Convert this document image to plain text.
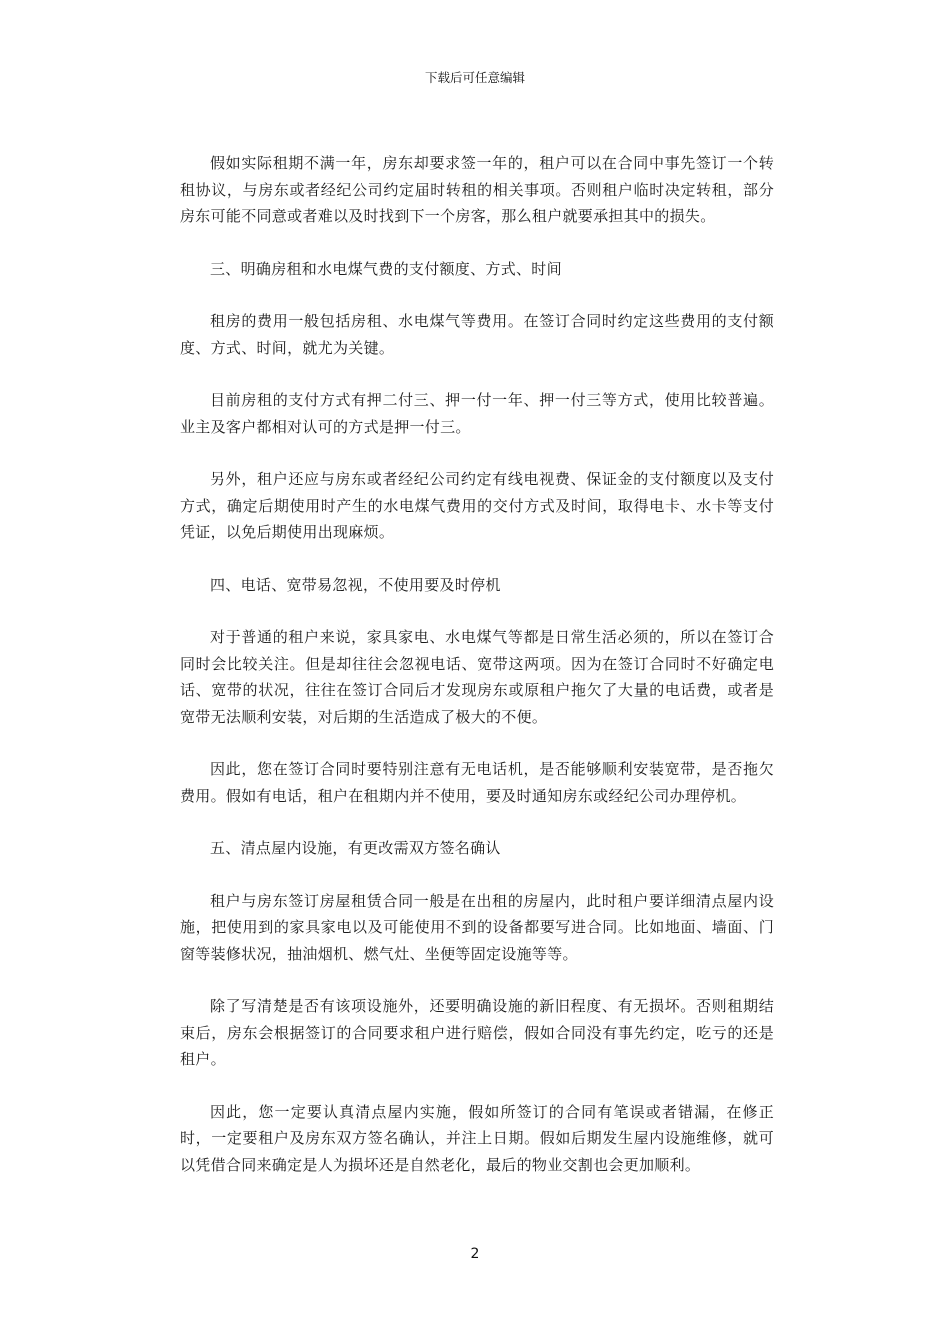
下载后可任意编辑

假如实际租期不满一年，房东却要求签一年的，租户可以在合同中事先签订一个转租协议，与房东或者经纪公司约定届时转租的相关事项。否则租户临时决定转租，部分房东可能不同意或者难以及时找到下一个房客，那么租户就要承担其中的损失。

三、明确房租和水电煤气费的支付额度、方式、时间

租房的费用一般包括房租、水电煤气等费用。在签订合同时约定这些费用的支付额度、方式、时间，就尤为关键。

目前房租的支付方式有押二付三、押一付一年、押一付三等方式，使用比较普遍。业主及客户都相对认可的方式是押一付三。

另外，租户还应与房东或者经纪公司约定有线电视费、保证金的支付额度以及支付方式，确定后期使用时产生的水电煤气费用的交付方式及时间，取得电卡、水卡等支付凭证，以免后期使用出现麻烦。

四、电话、宽带易忽视，不使用要及时停机

对于普通的租户来说，家具家电、水电煤气等都是日常生活必须的，所以在签订合同时会比较关注。但是却往往会忽视电话、宽带这两项。因为在签订合同时不好确定电话、宽带的状况，往往在签订合同后才发现房东或原租户拖欠了大量的电话费，或者是宽带无法顺利安装，对后期的生活造成了极大的不便。

因此，您在签订合同时要特别注意有无电话机，是否能够顺利安装宽带，是否拖欠费用。假如有电话，租户在租期内并不使用，要及时通知房东或经纪公司办理停机。

五、清点屋内设施，有更改需双方签名确认

租户与房东签订房屋租赁合同一般是在出租的房屋内，此时租户要详细清点屋内设施，把使用到的家具家电以及可能使用不到的设备都要写进合同。比如地面、墙面、门窗等装修状况，抽油烟机、燃气灶、坐便等固定设施等等。

除了写清楚是否有该项设施外，还要明确设施的新旧程度、有无损坏。否则租期结束后，房东会根据签订的合同要求租户进行赔偿，假如合同没有事先约定，吃亏的还是租户。

因此，您一定要认真清点屋内实施，假如所签订的合同有笔误或者错漏，在修正时，一定要租户及房东双方签名确认，并注上日期。假如后期发生屋内设施维修，就可以凭借合同来确定是人为损坏还是自然老化，最后的物业交割也会更加顺利。

2
